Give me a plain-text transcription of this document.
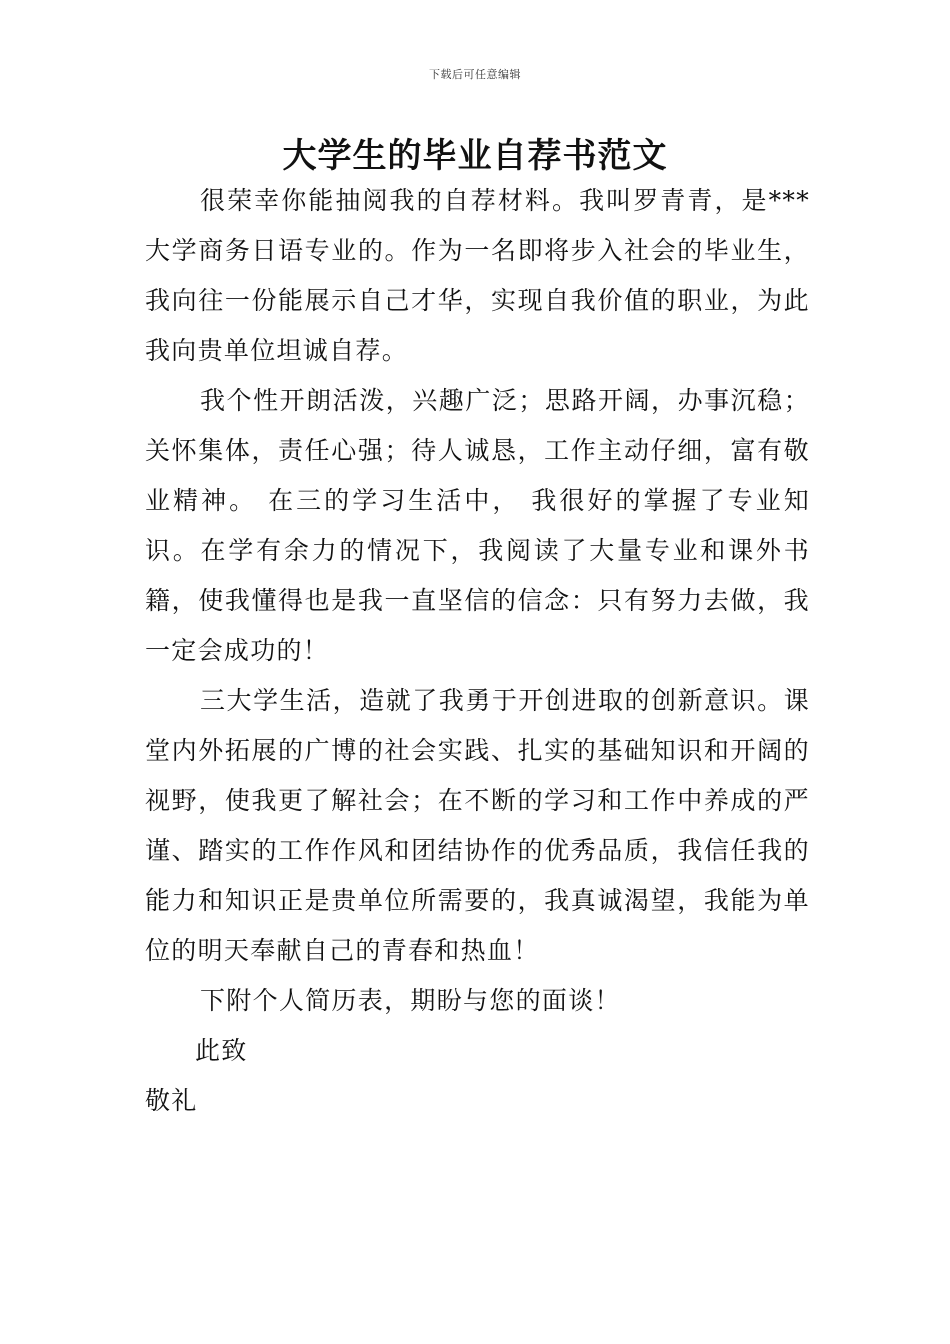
下载后可任意编辑
大学生的毕业自荐书范文

很荣幸你能抽阅我的自荐材料。我叫罗青青，是***大学商务日语专业的。作为一名即将步入社会的毕业生，我向往一份能展示自己才华，实现自我价值的职业，为此我向贵单位坦诚自荐。

我个性开朗活泼，兴趣广泛；思路开阔，办事沉稳；关怀集体，责任心强；待人诚恳，工作主动仔细，富有敬业精神。 在三的学习生活中， 我很好的掌握了专业知识。在学有余力的情况下，我阅读了大量专业和课外书籍，使我懂得也是我一直坚信的信念：只有努力去做，我一定会成功的！

三大学生活，造就了我勇于开创进取的创新意识。课堂内外拓展的广博的社会实践、扎实的基础知识和开阔的视野，使我更了解社会；在不断的学习和工作中养成的严谨、踏实的工作作风和团结协作的优秀品质，我信任我的能力和知识正是贵单位所需要的，我真诚渴望，我能为单位的明天奉献自己的青春和热血！

下附个人简历表，期盼与您的面谈！

此致

敬礼
